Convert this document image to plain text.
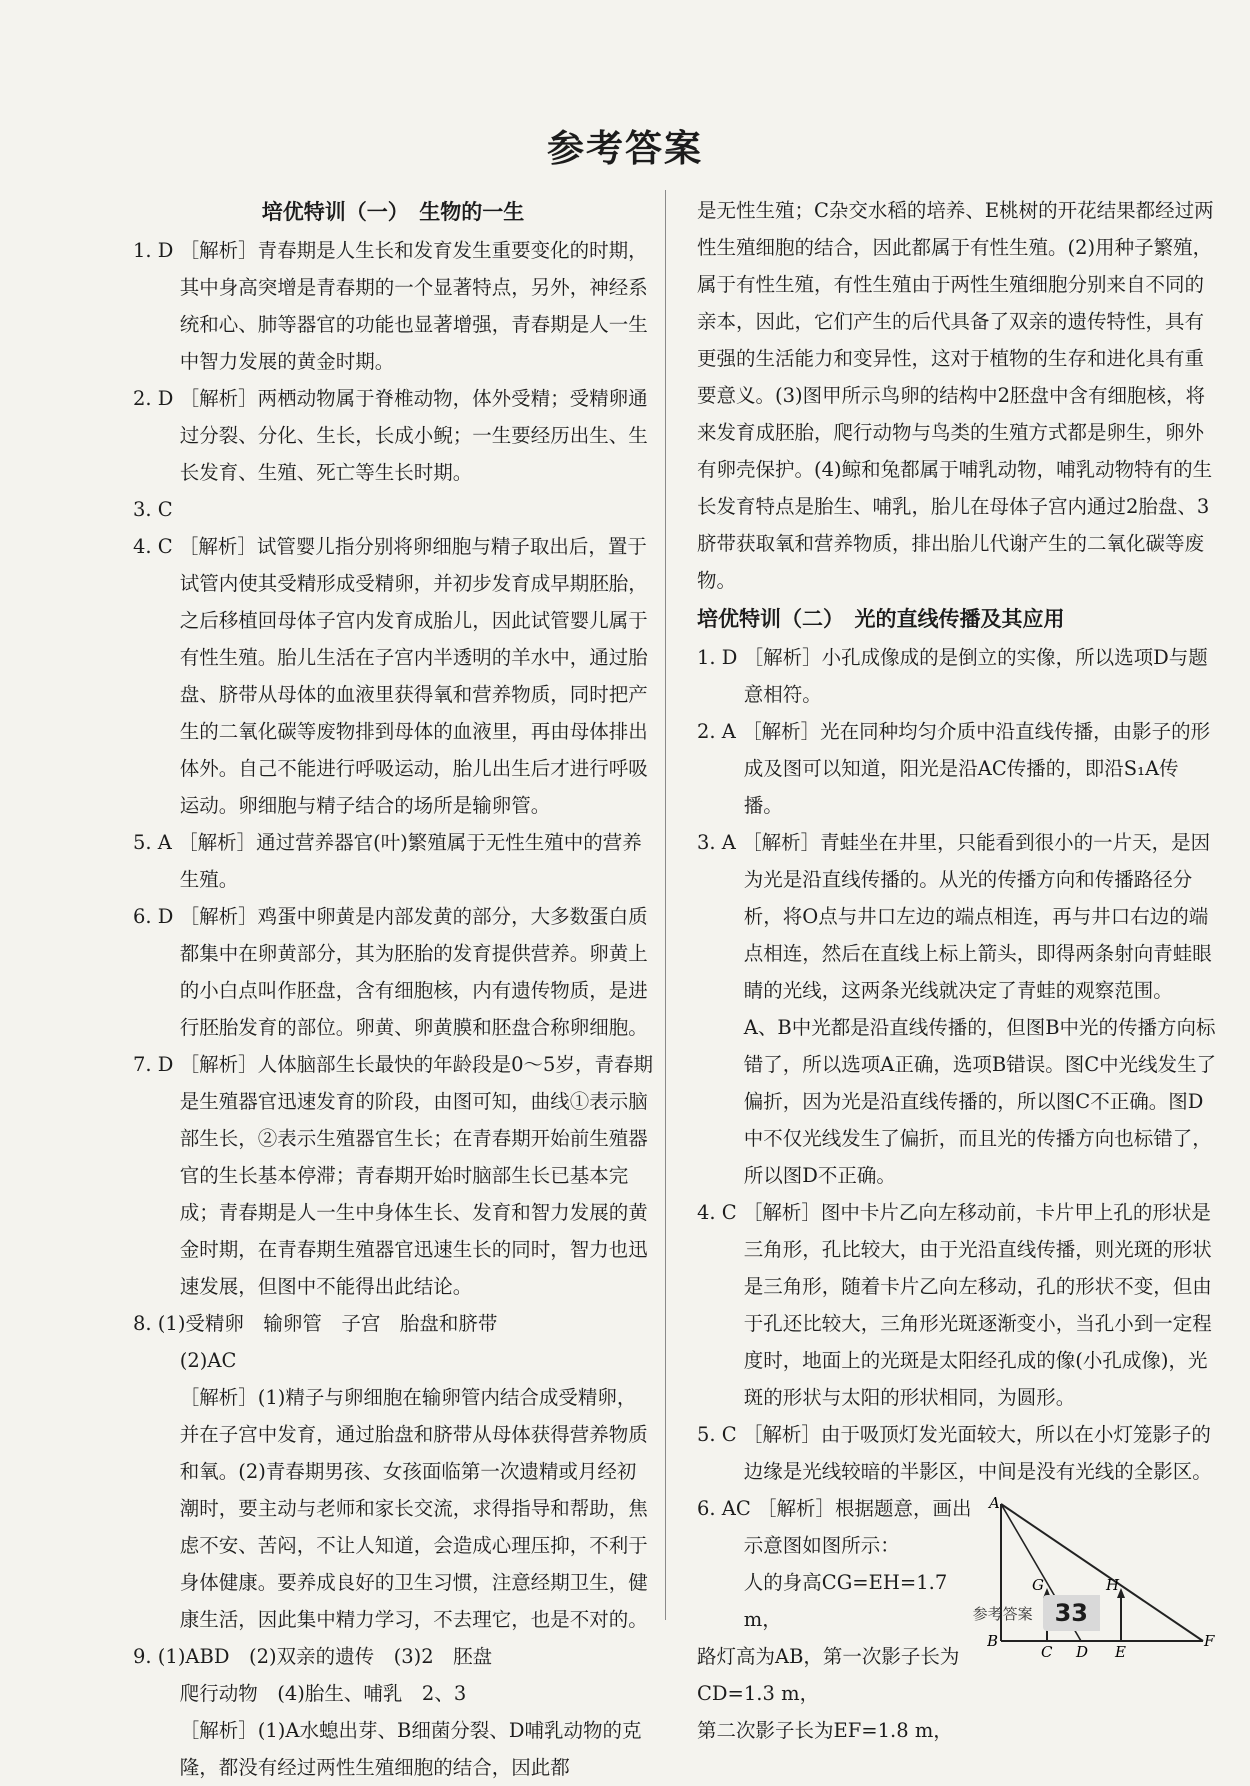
参考答案
培优特训（一）　生物的一生
1. D ［解析］青春期是人生长和发育发生重要变化的时期，其中身高突增是青春期的一个显著特点，另外，神经系统和心、肺等器官的功能也显著增强，青春期是人一生中智力发展的黄金时期。
2. D ［解析］两栖动物属于脊椎动物，体外受精；受精卵通过分裂、分化、生长，长成小鲵；一生要经历出生、生长发育、生殖、死亡等生长时期。
3. C
4. C ［解析］试管婴儿指分别将卵细胞与精子取出后，置于试管内使其受精形成受精卵，并初步发育成早期胚胎，之后移植回母体子宫内发育成胎儿，因此试管婴儿属于有性生殖。胎儿生活在子宫内半透明的羊水中，通过胎盘、脐带从母体的血液里获得氧和营养物质，同时把产生的二氧化碳等废物排到母体的血液里，再由母体排出体外。自己不能进行呼吸运动，胎儿出生后才进行呼吸运动。卵细胞与精子结合的场所是输卵管。
5. A ［解析］通过营养器官(叶)繁殖属于无性生殖中的营养生殖。
6. D ［解析］鸡蛋中卵黄是内部发黄的部分，大多数蛋白质都集中在卵黄部分，其为胚胎的发育提供营养。卵黄上的小白点叫作胚盘，含有细胞核，内有遗传物质，是进行胚胎发育的部位。卵黄、卵黄膜和胚盘合称卵细胞。
7. D ［解析］人体脑部生长最快的年龄段是0～5岁，青春期是生殖器官迅速发育的阶段，由图可知，曲线①表示脑部生长，②表示生殖器官生长；在青春期开始前生殖器官的生长基本停滞；青春期开始时脑部生长已基本完成；青春期是人一生中身体生长、发育和智力发展的黄金时期，在青春期生殖器官迅速生长的同时，智力也迅速发展，但图中不能得出此结论。
8. (1)受精卵　输卵管　子宫　胎盘和脐带
(2)AC
［解析］(1)精子与卵细胞在输卵管内结合成受精卵，并在子宫中发育，通过胎盘和脐带从母体获得营养物质和氧。(2)青春期男孩、女孩面临第一次遗精或月经初潮时，要主动与老师和家长交流，求得指导和帮助，焦虑不安、苦闷，不让人知道，会造成心理压抑，不利于身体健康。要养成良好的卫生习惯，注意经期卫生，健康生活，因此集中精力学习，不去理它，也是不对的。
9. (1)ABD　(2)双亲的遗传　(3)2　胚盘
爬行动物　(4)胎生、哺乳　2、3
［解析］(1)A水螅出芽、B细菌分裂、D哺乳动物的克隆，都没有经过两性生殖细胞的结合，因此都
是无性生殖；C杂交水稻的培养、E桃树的开花结果都经过两性生殖细胞的结合，因此都属于有性生殖。(2)用种子繁殖，属于有性生殖，有性生殖由于两性生殖细胞分别来自不同的亲本，因此，它们产生的后代具备了双亲的遗传特性，具有更强的生活能力和变异性，这对于植物的生存和进化具有重要意义。(3)图甲所示鸟卵的结构中2胚盘中含有细胞核，将来发育成胚胎，爬行动物与鸟类的生殖方式都是卵生，卵外有卵壳保护。(4)鲸和兔都属于哺乳动物，哺乳动物特有的生长发育特点是胎生、哺乳，胎儿在母体子宫内通过2胎盘、3脐带获取氧和营养物质，排出胎儿代谢产生的二氧化碳等废物。
培优特训（二）　光的直线传播及其应用
1. D ［解析］小孔成像成的是倒立的实像，所以选项D与题意相符。
2. A ［解析］光在同种均匀介质中沿直线传播，由影子的形成及图可以知道，阳光是沿AC传播的，即沿S₁A传播。
3. A ［解析］青蛙坐在井里，只能看到很小的一片天，是因为光是沿直线传播的。从光的传播方向和传播路径分析，将O点与井口左边的端点相连，再与井口右边的端点相连，然后在直线上标上箭头，即得两条射向青蛙眼睛的光线，这两条光线就决定了青蛙的观察范围。
A、B中光都是沿直线传播的，但图B中光的传播方向标错了，所以选项A正确，选项B错误。图C中光线发生了偏折，因为光是沿直线传播的，所以图C不正确。图D中不仅光线发生了偏折，而且光的传播方向也标错了，所以图D不正确。
4. C ［解析］图中卡片乙向左移动前，卡片甲上孔的形状是三角形，孔比较大，由于光沿直线传播，则光斑的形状是三角形，随着卡片乙向左移动，孔的形状不变，但由于孔还比较大，三角形光斑逐渐变小，当孔小到一定程度时，地面上的光斑是太阳经孔成的像(小孔成像)，光斑的形状与太阳的形状相同，为圆形。
5. C ［解析］由于吸顶灯发光面较大，所以在小灯笼影子的边缘是光线较暗的半影区，中间是没有光线的全影区。
A
B
C D E
F
G	H
6. AC ［解析］根据题意，画出示意图如图所示：
人的身高CG=EH=1.7 m，
路灯高为AB，第一次影子长为CD=1.3 m，
第二次影子长为EF=1.8 m，
参考答案 33
